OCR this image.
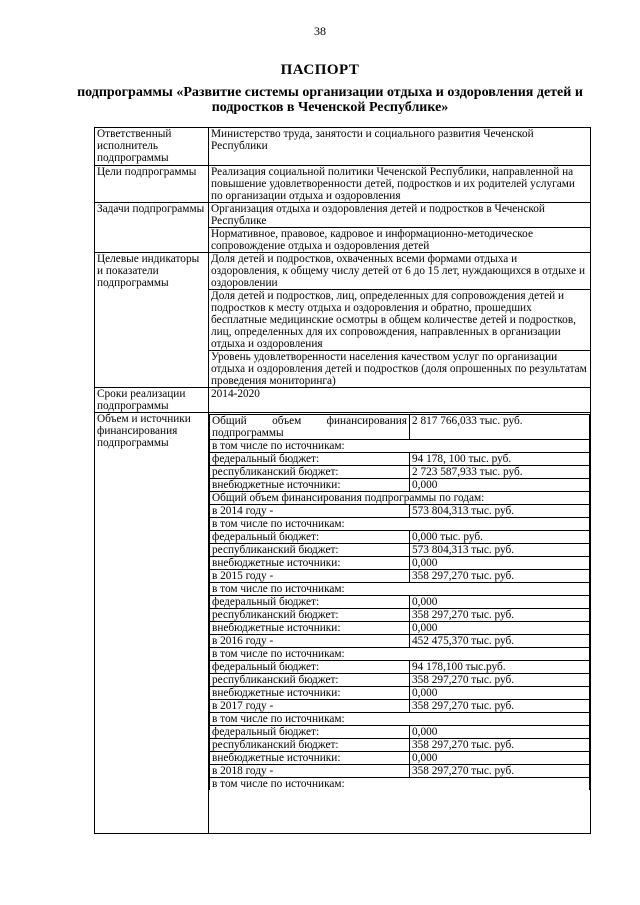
38
ПАСПОРТ
подпрограммы «Развитие системы организации отдыха и оздоровления детей и подростков в Чеченской Республике»
Ответственный исполнитель подпрограммы	Министерство труда, занятости и социального развития Чеченской Республики
Цели подпрограммы	Реализация социальной политики Чеченской Республики, направленной на повышение удовлетворенности детей, подростков и их родителей услугами по организации отдыха и оздоровления
Задачи подпрограммы	Организация отдыха и оздоровления детей и подростков в Чеченской Республике
Нормативное, правовое, кадровое и информационно-методическое сопровождение отдыха и оздоровления детей
Целевые индикаторы и показатели подпрограммы	Доля детей и подростков, охваченных всеми формами отдыха и оздоровления, к общему числу детей от 6 до 15 лет, нуждающихся в отдыхе и оздоровлении
Доля детей и подростков, лиц, определенных для сопровождения детей и подростков к месту отдыха и оздоровления и обратно, прошедших бесплатные медицинские осмотры в общем количестве детей и подростков, лиц, определенных для их сопровождения, направленных в организации отдыха и оздоровления
Уровень удовлетворенности населения качеством услуг по организации отдыха и оздоровления детей и подростков (доля опрошенных по результатам проведения мониторинга)
Сроки реализации подпрограммы	2014-2020
Объем и источники финансирования подпрограммы	
Общий объем финансирования подпрограммы	2 817 766,033 тыс. руб.
в том числе по источникам:
федеральный бюджет:	94 178, 100 тыс. руб.
республиканский бюджет:	2 723 587,933 тыс. руб.
внебюджетные источники:	0,000
Общий объем финансирования подпрограммы по годам:
в 2014 году -	573 804,313 тыс. руб.
в том числе по источникам:
федеральный бюджет:	0,000 тыс. руб.
республиканский бюджет:	573 804,313 тыс. руб.
внебюджетные источники:	0,000
в 2015 году -	358 297,270 тыс. руб.
в том числе по источникам:
федеральный бюджет:	0,000
республиканский бюджет:	358 297,270 тыс. руб.
внебюджетные источники:	0,000
в 2016 году -	452 475,370 тыс. руб.
в том числе по источникам:
федеральный бюджет:	94 178,100 тыс.руб.
республиканский бюджет:	358 297,270 тыс. руб.
внебюджетные источники:	0,000
в 2017 году -	358 297,270 тыс. руб.
в том числе по источникам:
федеральный бюджет:	0,000
республиканский бюджет:	358 297,270 тыс. руб.
внебюджетные источники:	0,000
в 2018 году -	358 297,270 тыс. руб.
в том числе по источникам:
